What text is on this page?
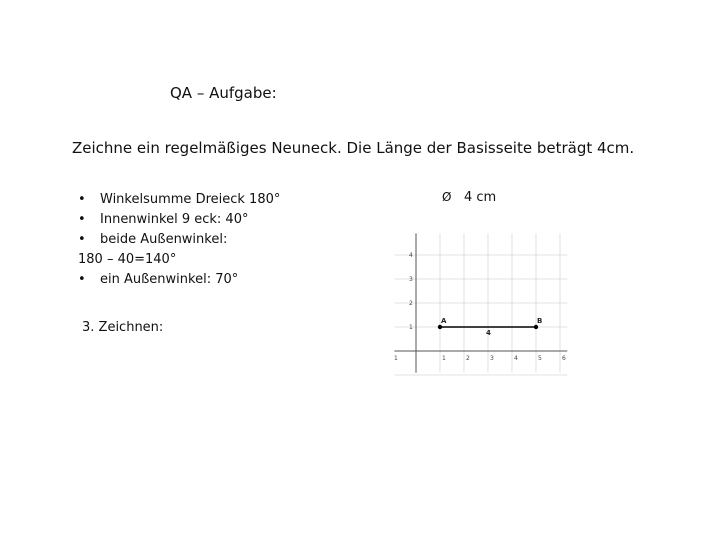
QA – Aufgabe:
Zeichne ein regelmäßiges Neuneck. Die Länge der Basisseite beträgt 4cm.
• Winkelsumme Dreieck 180°
• Innenwinkel 9 eck: 40°
• beide Außenwinkel:
180 – 40=140°
• ein Außenwinkel: 70°
3. Zeichnen:
Ø 4 cm
1	1	2	3	4	5	6
4
3
2
1
A	B
4
